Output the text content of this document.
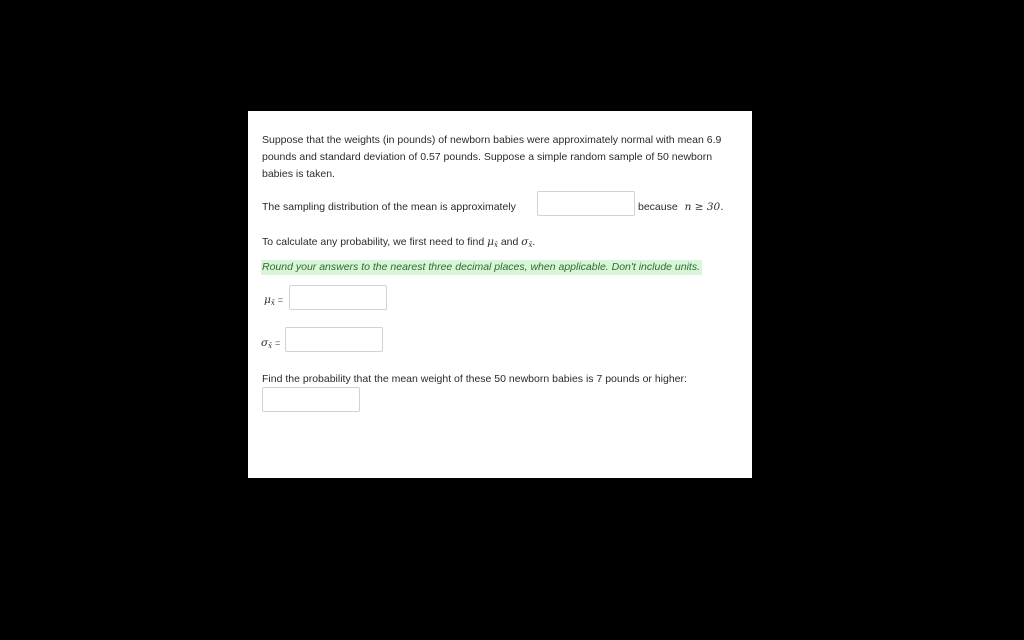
Suppose that the weights (in pounds) of newborn babies were approximately normal with mean 6.9 pounds and standard deviation of 0.57 pounds. Suppose a simple random sample of 50 newborn babies is taken.

The sampling distribution of the mean is approximately	because n ≥ 30.
To calculate any probability, we first need to find $\mu_{x̄}$ and $\sigma_{x̄}$.
Round your answers to the nearest three decimal places, when applicable. Don't include units.
$\mu_{x̄}$ =
$\sigma_{x̄}$ =
Find the probability that the mean weight of these 50 newborn babies is 7 pounds or higher:
